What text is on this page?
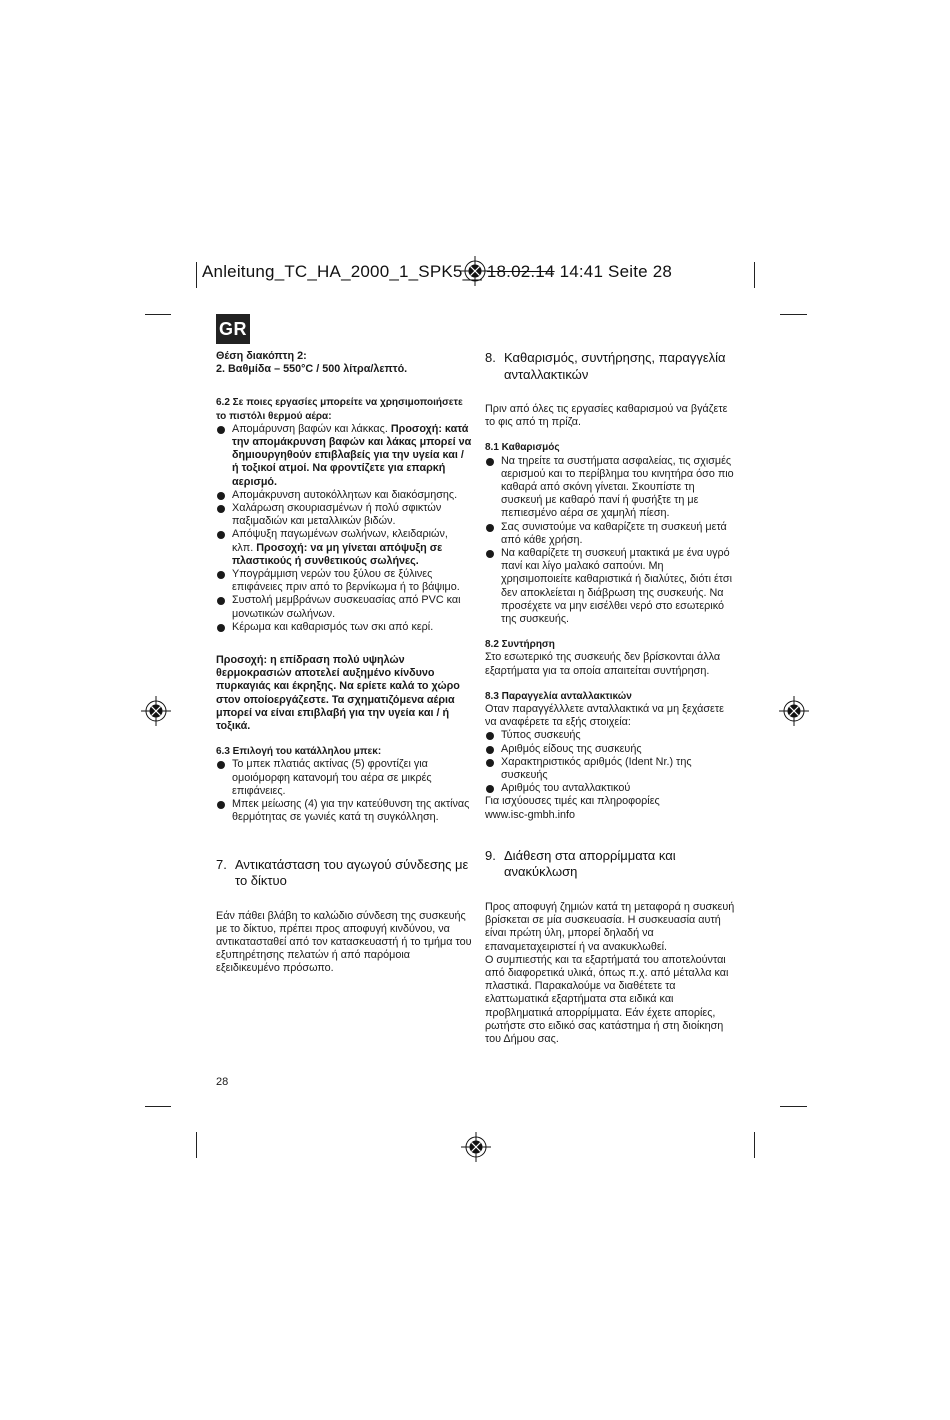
Anleitung_TC_HA_2000_1_SPK5__ 18.02.14 14:41 Seite 28
GR

Θέση διακόπτη 2:

2. Βαθμίδα – 550°C / 500 λίτρα/λεπτό.

6.2 Σε ποιες εργασίες μπορείτε να χρησιμοποιήσετε το πιστόλι θερμού αέρα:

Απομάρυνση βαφών και λάκκας. Προσοχή: κατά την απομάκρυνση βαφών και λάκας μπορεί να δημιουργηθούν επιβλαβείς για την υγεία και / ή τοξικοί ατμοί. Να φροντίζετε για επαρκή αερισμό.
Απομάκρυνση αυτοκόλλητων και διακόσμησης.
Χαλάρωση σκουριασμένων ή πολύ σφικτών παξιμαδιών και μεταλλικών βιδών.
Απόψυξη παγωμένων σωλήνων, κλειδαριών, κλπ. Προσοχή: να μη γίνεται απόψυξη σε πλαστικούς ή συνθετικούς σωλήνες.
Υπογράμμιση νερών του ξύλου σε ξύλινες επιφάνειες πριν από το βερνίκωμα ή το βάψιμο.
Συστολή μεμβράνων συσκευασίας από PVC και μονωτικών σωλήνων.
Κέρωμα και καθαρισμός των σκι από κερί.

Προσοχή: η επίδραση πολύ υψηλών θερμοκρασιών αποτελεί αυξημένο κίνδυνο πυρκαγιάς και έκρηξης. Να ερίετε καλά το χώρο στον οποίοεργάζεστε. Τα σχηματιζόμενα αέρια μπορεί να είναι επιβλαβή για την υγεία και / ή τοξικά.

6.3 Επιλογή του κατάλληλου μπεκ:

Το μπεκ πλατιάς ακτίνας (5) φροντίζει για ομοιόμορφη κατανομή του αέρα σε μικρές επιφάνειες.
Μπεκ μείωσης (4) για την κατεύθυνση της ακτίνας θερμότητας σε γωνιές κατά τη συγκόλληση.
7. Αντικατάσταση του αγωγού σύνδεσης με το δίκτυο

Εάν πάθει βλάβη το καλώδιο σύνδεση της συσκευής με το δίκτυο, πρέπει προς αποφυγή κινδύνου, να αντικατασταθεί από τον κατασκευαστή ή το τμήμα του εξυπηρέτησης πελατών ή από παρόμοια εξειδικευμένο πρόσωπο.

8. Καθαρισμός, συντήρησης, παραγγελία ανταλλακτικών

Πριν από όλες τις εργασίες καθαρισμού να βγάζετε το φις από τη πρίζα.

8.1 Καθαρισμός

Να τηρείτε τα συστήματα ασφαλείας, τις σχισμές αερισμού και το περίβλημα του κινητήρα όσο πιο καθαρά από σκόνη γίνεται. Σκουπίστε τη συσκευή με καθαρό πανί ή φυσήξτε τη με πεπιεσμένο αέρα σε χαμηλή πίεση.
Σας συνιστούμε να καθαρίζετε τη συσκευή μετά από κάθε χρήση.
Να καθαρίζετε τη συσκευή μτακτικά με ένα υγρό πανί και λίγο μαλακό σαπούνι. Μη χρησιμοποιείτε καθαριστικά ή διαλύτες, διότι έτσι δεν αποκλείεται η διάβρωση της συσκευής. Να προσέχετε να μην εισέλθει νερό στο εσωτερικό της συσκευής.

8.2 Συντήρηση

Στο εσωτερικό της συσκευής δεν βρίσκονται άλλα εξαρτήματα για τα οποία απαιτείται συντήρηση.

8.3 Παραγγελία ανταλλακτικών

Οταν παραγγέλλλετε ανταλλακτικά να μη ξεχάσετε να αναφέρετε τα εξής στοιχεία:

Τύπος συσκευής
Αριθμός είδους της συσκευής
Χαρακτηριστικός αριθμός (Ident Nr.) της συσκευής
Αριθμός του ανταλλακτικού

Για ισχύουσες τιμές και πληροφορίες

www.isc-gmbh.info

9. Διάθεση στα απορρίμματα και ανακύκλωση

Προς αποφυγή ζημιών κατά τη μεταφορά η συσκευή βρίσκεται σε μία συσκευασία. Η συσκευασία αυτή είναι πρώτη ύλη, μπορεί δηλαδή να επαναμεταχειριστεί ή να ανακυκλωθεί.

Ο συμπιεστής και τα εξαρτήματά του αποτελούνται από διαφορετικά υλικά, όπως π.χ. από μέταλλα και πλαστικά. Παρακαλούμε να διαθέτετε τα ελαττωματικά εξαρτήματα στα ειδικά και προβληματικά απορρίμματα. Εάν έχετε απορίες, ρωτήστε στο ειδικό σας κατάστημα ή στη διοίκηση του Δήμου σας.

28
